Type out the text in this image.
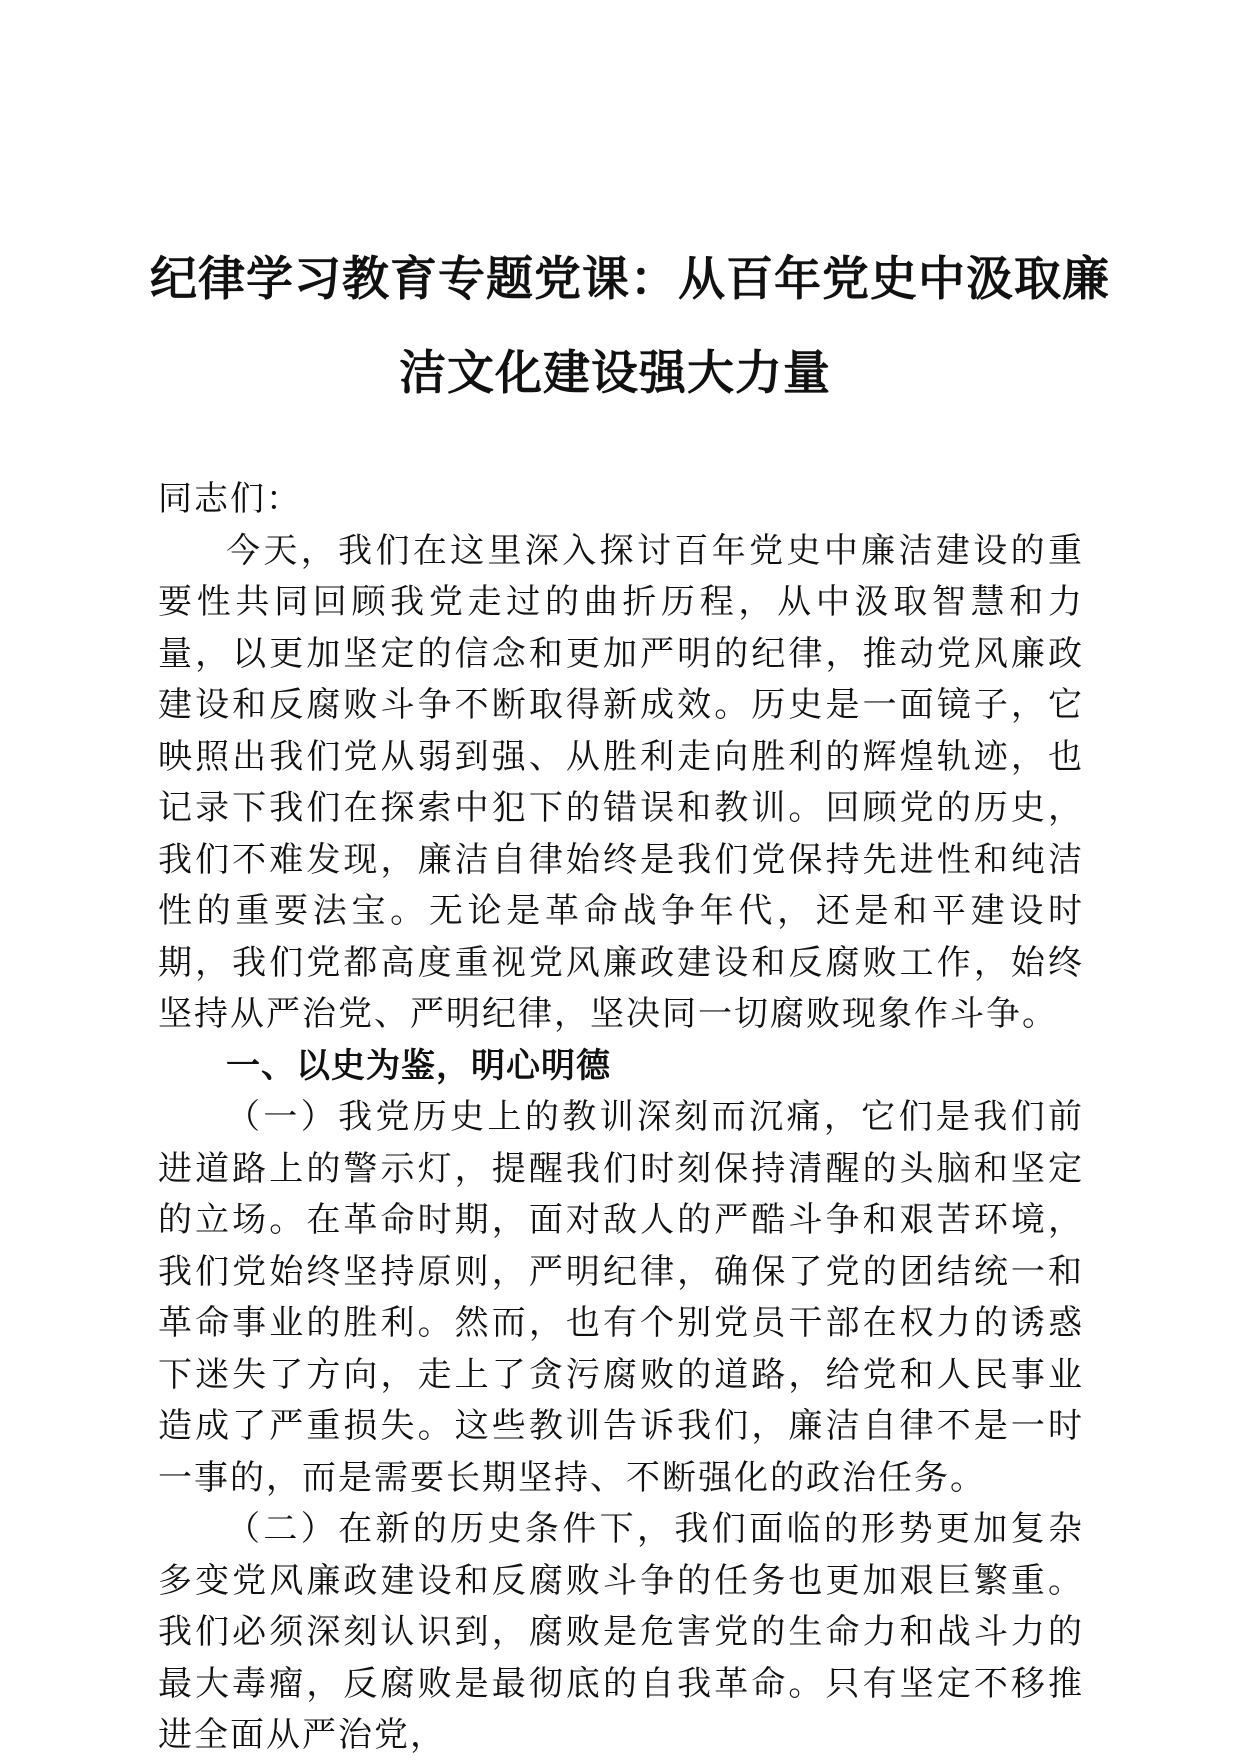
纪律学习教育专题党课：从百年党史中汲取廉

洁文化建设强大力量

同志们：

今天，我们在这里深入探讨百年党史中廉洁建设的重要性共同回顾我党走过的曲折历程，从中汲取智慧和力量，以更加坚定的信念和更加严明的纪律，推动党风廉政建设和反腐败斗争不断取得新成效。历史是一面镜子，它映照出我们党从弱到强、从胜利走向胜利的辉煌轨迹，也记录下我们在探索中犯下的错误和教训。回顾党的历史，我们不难发现，廉洁自律始终是我们党保持先进性和纯洁性的重要法宝。无论是革命战争年代，还是和平建设时期，我们党都高度重视党风廉政建设和反腐败工作，始终坚持从严治党、严明纪律，坚决同一切腐败现象作斗争。

一、以史为鉴，明心明德

（一）我党历史上的教训深刻而沉痛，它们是我们前进道路上的警示灯，提醒我们时刻保持清醒的头脑和坚定的立场。在革命时期，面对敌人的严酷斗争和艰苦环境，我们党始终坚持原则，严明纪律，确保了党的团结统一和革命事业的胜利。然而，也有个别党员干部在权力的诱惑下迷失了方向，走上了贪污腐败的道路，给党和人民事业造成了严重损失。这些教训告诉我们，廉洁自律不是一时一事的，而是需要长期坚持、不断强化的政治任务。

（二）在新的历史条件下，我们面临的形势更加复杂多变党风廉政建设和反腐败斗争的任务也更加艰巨繁重。我们必须深刻认识到，腐败是危害党的生命力和战斗力的最大毒瘤，反腐败是最彻底的自我革命。只有坚定不移推进全面从严治党，
